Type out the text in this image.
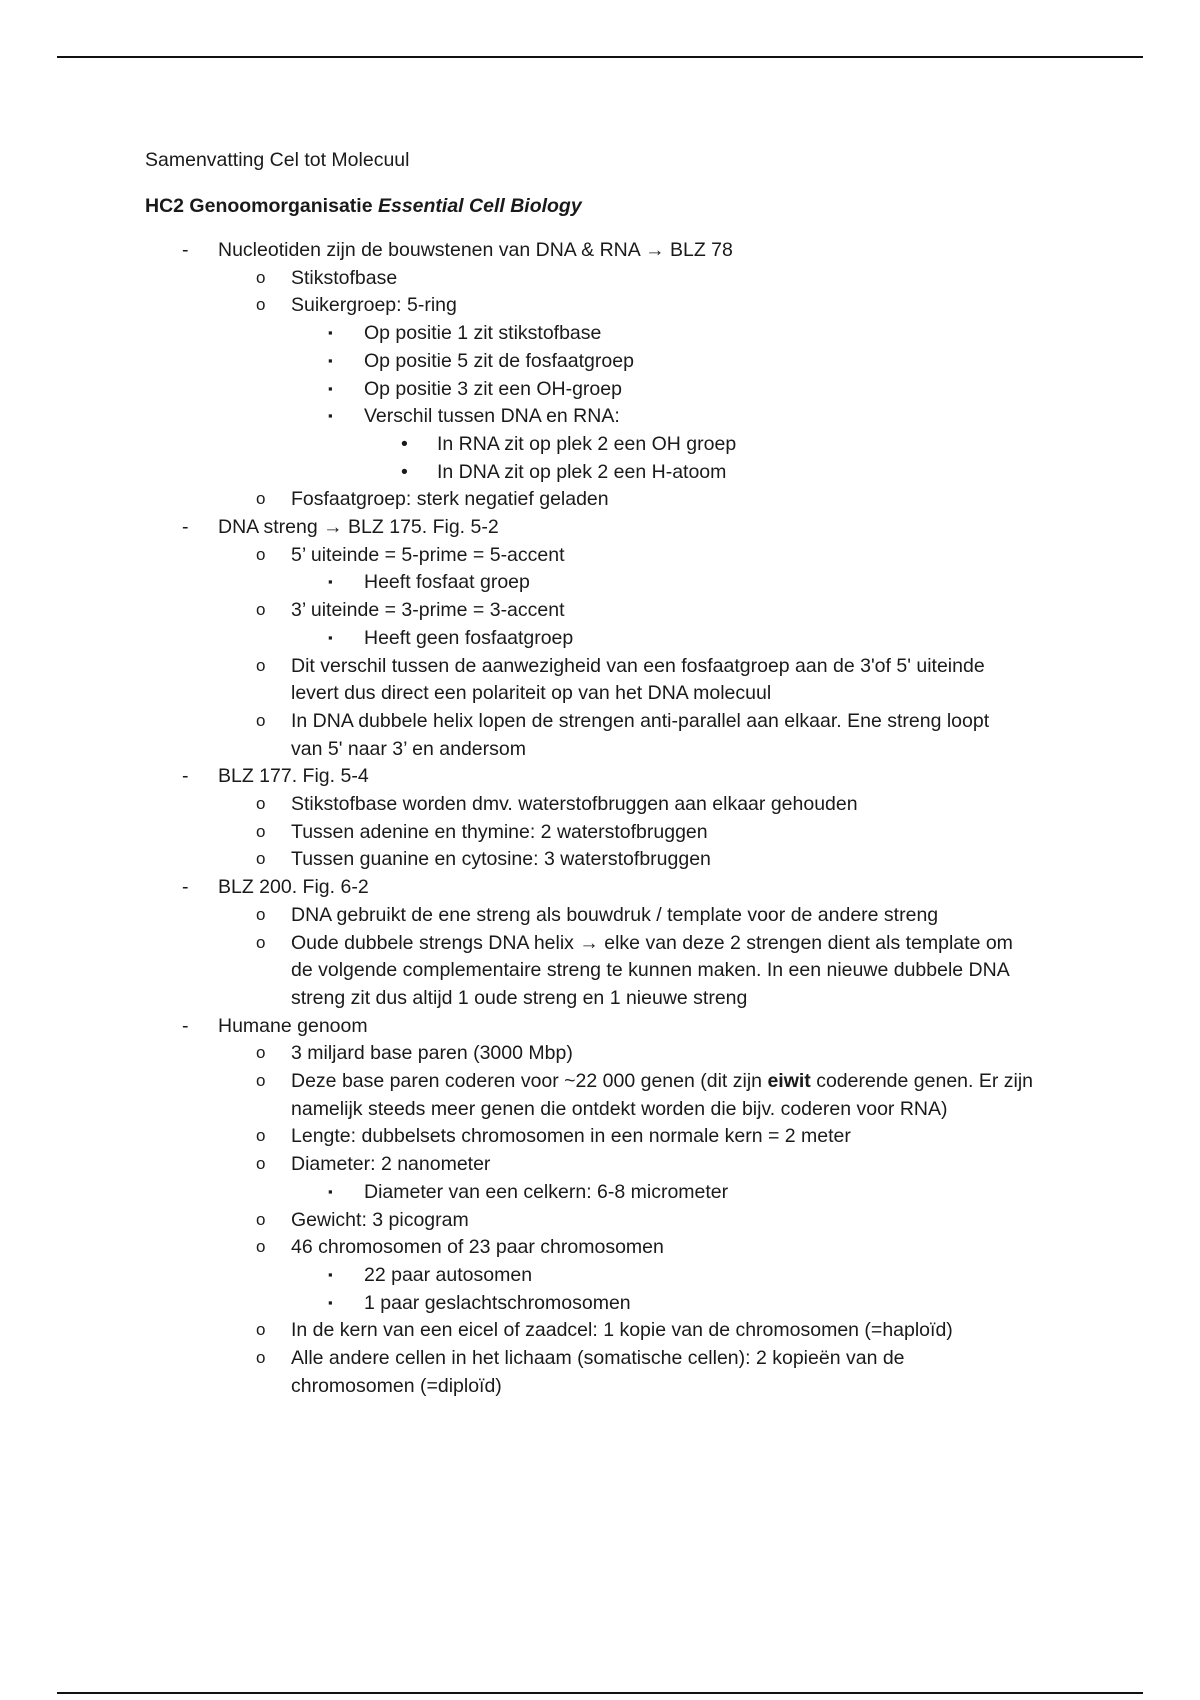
Samenvatting Cel tot Molecuul
HC2 Genoomorganisatie Essential Cell Biology
- Nucleotiden zijn de bouwstenen van DNA & RNA → BLZ 78
o Stikstofbase
o Suikergroep: 5-ring
▪ Op positie 1 zit stikstofbase
▪ Op positie 5 zit de fosfaatgroep
▪ Op positie 3 zit een OH-groep
▪ Verschil tussen DNA en RNA:
• In RNA zit op plek 2 een OH groep
• In DNA zit op plek 2 een H-atoom
o Fosfaatgroep: sterk negatief geladen
- DNA streng → BLZ 175. Fig. 5-2
o 5’ uiteinde = 5-prime = 5-accent
▪ Heeft fosfaat groep
o 3’ uiteinde = 3-prime = 3-accent
▪ Heeft geen fosfaatgroep
o Dit verschil tussen de aanwezigheid van een fosfaatgroep aan de 3'of 5' uiteinde
levert dus direct een polariteit op van het DNA molecuul
o In DNA dubbele helix lopen de strengen anti-parallel aan elkaar. Ene streng loopt
van 5' naar 3’ en andersom
- BLZ 177. Fig. 5-4
o Stikstofbase worden dmv. waterstofbruggen aan elkaar gehouden
o Tussen adenine en thymine: 2 waterstofbruggen
o Tussen guanine en cytosine: 3 waterstofbruggen
- BLZ 200. Fig. 6-2
o DNA gebruikt de ene streng als bouwdruk / template voor de andere streng
o Oude dubbele strengs DNA helix → elke van deze 2 strengen dient als template om
de volgende complementaire streng te kunnen maken. In een nieuwe dubbele DNA
streng zit dus altijd 1 oude streng en 1 nieuwe streng
- Humane genoom
o 3 miljard base paren (3000 Mbp)
o Deze base paren coderen voor ~22 000 genen (dit zijn eiwit coderende genen. Er zijn
namelijk steeds meer genen die ontdekt worden die bijv. coderen voor RNA)
o Lengte: dubbelsets chromosomen in een normale kern = 2 meter
o Diameter: 2 nanometer
▪ Diameter van een celkern: 6-8 micrometer
o Gewicht: 3 picogram
o 46 chromosomen of 23 paar chromosomen
▪ 22 paar autosomen
▪ 1 paar geslachtschromosomen
o In de kern van een eicel of zaadcel: 1 kopie van de chromosomen (=haploïd)
o Alle andere cellen in het lichaam (somatische cellen): 2 kopieën van de
chromosomen (=diploïd)
